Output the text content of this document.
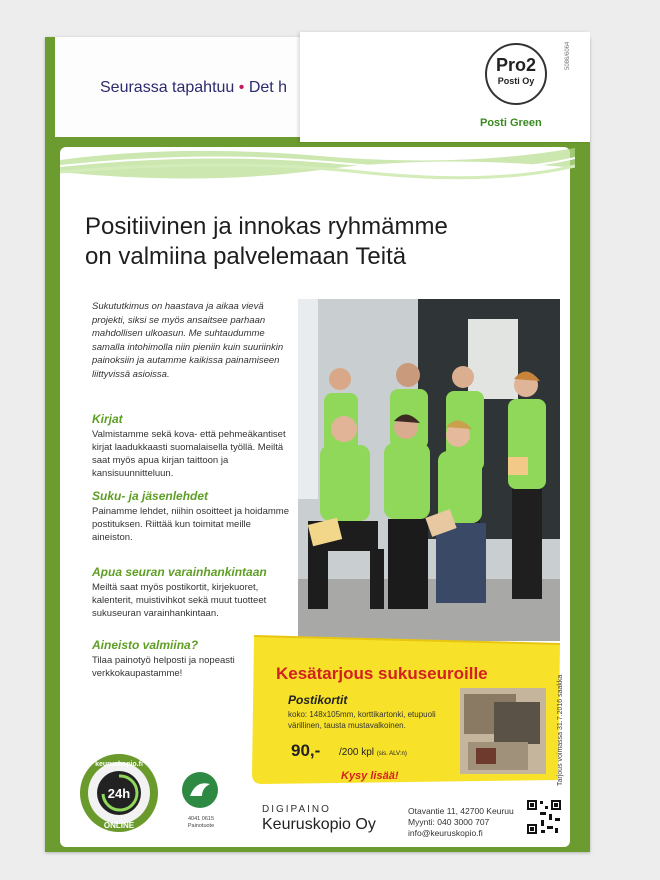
Seurassa tapahtuu • Det h
Pro2
Posti Oy
Posti Green
5086/6064
Positiivinen ja innokas ryhmämme
on valmiina palvelemaan Teitä

Sukututkimus on haastava ja aikaa vievä projekti, siksi se myös ansaitsee parhaan mahdollisen ulkoasun. Me suhtaudumme samalla intohimolla niin pieniin kuin suuriinkin painoksiin ja autamme kaikissa painamiseen liittyvissä asioissa.

Kirjat

Valmistamme sekä kova- että pehmeäkantiset kirjat laadukkaasti suomalaisella työllä. Meiltä saat myös apua kirjan taittoon ja kansisuunnitteluun.

Suku- ja jäsenlehdet

Painamme lehdet, niihin osoitteet ja hoidamme postituksen. Riittää kun toimitat meille aineiston.

Apua seuran varainhankintaan

Meiltä saat myös postikortit, kirjekuoret, kalenterit, muistivihkot sekä muut tuotteet sukuseuran varainhankintaan.

Aineisto valmiina?

Tilaa painotyö helposti ja nopeasti verkkokaupastamme!	Kesätarjous sukuseuroille
Postikortit
koko: 148x105mm, korttikartonki, etupuoli värillinen, tausta mustavalkoinen.
90,- /200 kpl (sis. ALV:n)
Kysy lisää!	Tarjous voimassa 31.7.2016 saakka
keuruskopio.fi
24h
ONLINE
4041 0615
Painotuote
DIGIPAINO
Keuruskopio Oy
Otavantie 11, 42700 Keuruu
Myynti: 040 3000 707
info@keuruskopio.fi
